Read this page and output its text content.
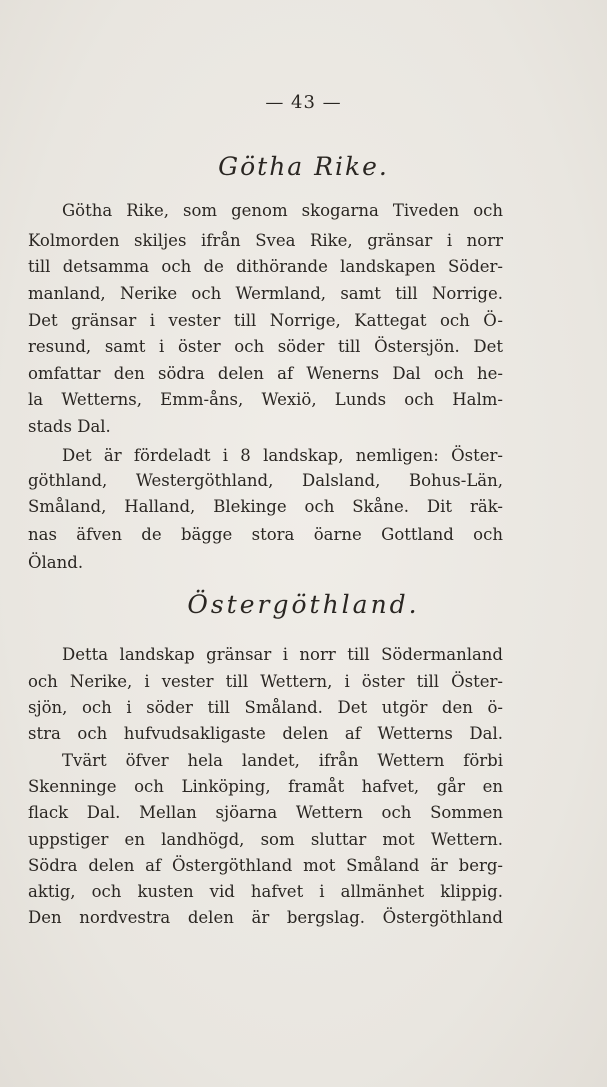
— 43 —
Götha Rike.
Götha Rike, som genom skogarna Tiveden och
Kolmorden skiljes ifrån Svea Rike, gränsar i norr
till detsamma och de dithörande landskapen Söder-
manland, Nerike och Wermland, samt till Norrige.
Det gränsar i vester till Norrige, Kattegat och Ö-
resund, samt i öster och söder till Östersjön. Det
omfattar den södra delen af Wenerns Dal och he-
la Wetterns, Emm-åns, Wexiö, Lunds och Halm-
stads Dal.
Det är fördeladt i 8 landskap, nemligen: Öster-
göthland, Westergöthland, Dalsland, Bohus-Län,
Småland, Halland, Blekinge och Skåne. Dit räk-
nas äfven de bägge stora öarne Gottland och
Öland.
Östergöthland.
Detta landskap gränsar i norr till Södermanland
och Nerike, i vester till Wettern, i öster till Öster-
sjön, och i söder till Småland. Det utgör den ö-
stra och hufvudsakligaste delen af Wetterns Dal.
Tvärt öfver hela landet, ifrån Wettern förbi
Skenninge och Linköping, framåt hafvet, går en
flack Dal. Mellan sjöarna Wettern och Sommen
uppstiger en landhögd, som sluttar mot Wettern.
Södra delen af Östergöthland mot Småland är berg-
aktig, och kusten vid hafvet i allmänhet klippig.
Den nordvestra delen är bergslag. Östergöthland
